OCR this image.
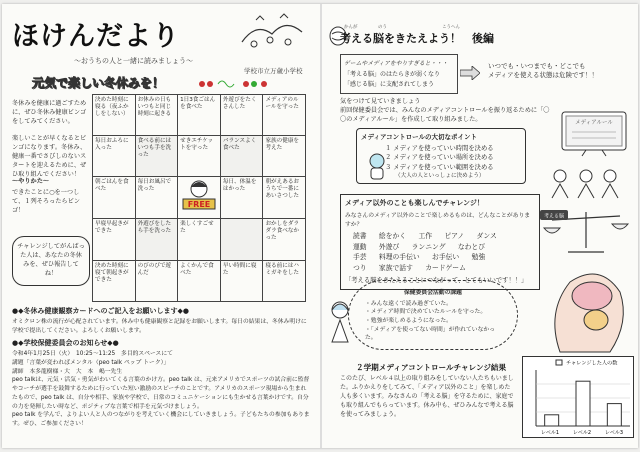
ほけんだより
～おうちの人と一緒に読みましょう～
学校市立万歳小学校
元気で楽しい冬休みを！

冬休みを健康に過ごすために、ぜひ冬休み健康ビンゴをしてみてください。

楽しいことが早くなるとビンゴになります。冬休み、健康一番でさびしのないスタートを迎えるために、ぜひ取り組んでください！

～やりかた～
できたことに○を一つして、１列そろったらビンゴ！
チャレンジしてがんばった人は、あなたの冬休みを、ぜひ報告してね！
決めた時刻に寝る（夜ふかしをしない）	お休みの日もいつもと同じ時刻に起きる	1日3食ごはんを食べた	外遊びをたくさんした	メディアのルールを守った
毎日おふろに入った	食べる前にはいつも手を洗った	せきエチケットを守った	バランスよく食べた	家族の健康を考えた
朝ごはんを食べた	毎日お風呂で洗った	FREE	毎日、体温をはかった	朝がえあるおうちで一番にあいさつした
早寝早起きができた	外遊びをしたら手を洗った	楽しくすごせた		おかしをダラダラ食べなかった
決めた時刻に寝て朝起きができた	のびのびで遊んだ	よくかんで食べた	早い時間に寝た	寝る前にはハミガキをした
●◆冬休み健康観察カードへのご記入をお願いします◆●
オミクロン株の流行が心配されています。休み中も健康観察と記録をお願いします。毎日の結果は、冬休み明けに学校で提出してください。よろしくお願いします。
●◆学校保健委員会のお知らせ◆●
令和4年1月25日（火）　10:25～11:25　多目的スペースにて
講題「言葉が変わればメンタル（peo talk ペップ トーク）」
講師　本多龍樹様・大　大　本　嶋一先生
peo talkは、元気・活気・勇気がわいてくる言葉のかけ方。peo talk は、元来アメリカでスポーツの試合前に監督やコーチが選手を鼓舞するために行っていた短い激励のスピーチのことです。アメリカのスポーツ現場から生まれたもので、peo talk は、自分や相手、家族や学校で、日常のコミュニケーションにも生かせる言葉かけです。自分の力を発揮したい時など、ポジティブな言葉で相手を元気づけましょう。
peo talk を学んで、よりよい人と人のつながりを考えていく機会にしていきましょう。子どもたちの参加もあります。ぜひ、ご参加ください！
かんが	のう	こうへん
考える脳をきたえよう！　後編
ゲームやメディアをやりすぎると・・・
「考える脳」のはたらきが弱くなり
「感じる脳」に支配されてしまう
いつでも・いつまでも・どこでも
メディアを使える状態は危険です！！
気をつけて見ていきましょう
前回保健委員会では、みんなのメディアコントロールを振り返るために「〇〇のメディアルール」を作成して取り組みました。
メディアコントロールの大切なポイント
１ メディアを使っていい時間を決める
２ メディアを使っていい場所を決める
３ メディアを使っていい範囲を決める
（大人の人といっしょに決めよう）
メディアルール
メディア以外のことも楽しんでチャレンジ！
みなさんのメディア以外のことで楽しめるものは、どんなことがありますか？
読書 絵をかく 工作 ピアノ ダンス
運動 外遊び ランニング なわとび
手芸 料理の手伝い お手伝い 勉強
つり 家族で話す カードゲーム
「考える脳をきたえることにつながって、とてもいいです！！」
考える脳
保健委員会活動の課題
・みんな遠くで読み過ぎていた。
・メディア時間で決めていたルールを守った。
・勉強が楽しめるようになった。
・「メディアを使ってない時間」が作れていなかった。
２学期メディアコントロールチャレンジ結果
このたび、レベル４以上の取り組みをしていない人たちもいました。ふりかえりをしてみて、「メディア以外のこと」を楽しめた人も多くいます。みなさんの「考える脳」を守るために、家庭でも取り組んでもらっています。休み中も、ぜひみんなで考える脳を使ってみましょう。
チャレンジした人の数
レベル1	レベル2	レベル3
